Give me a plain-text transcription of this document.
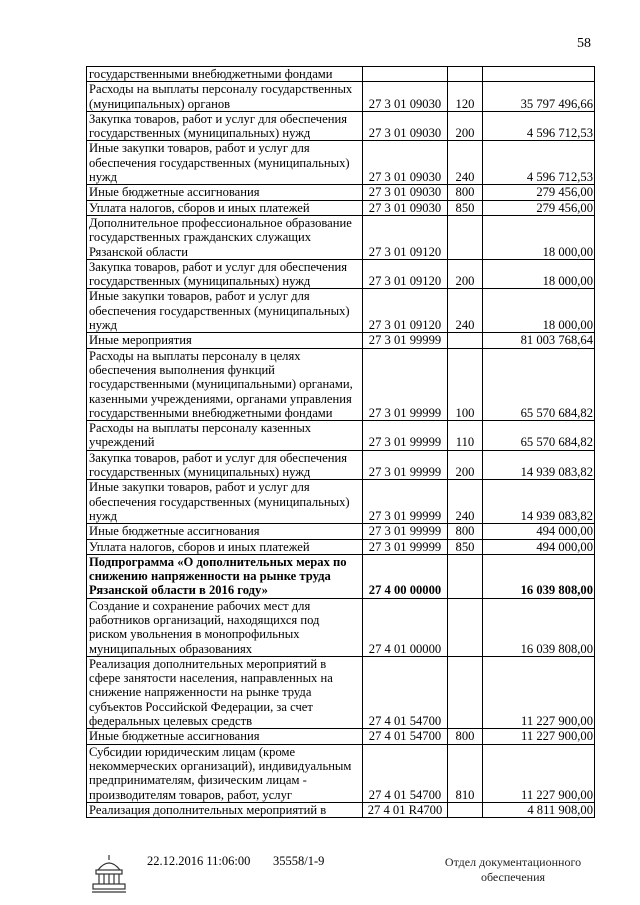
58
государственными внебюджетными фондами			
Расходы на выплаты персоналу государственных
(муниципальных) органов	27 3 01 09030	120	35 797 496,66
Закупка товаров, работ и услуг для обеспечения
государственных (муниципальных) нужд	27 3 01 09030	200	4 596 712,53
Иные закупки товаров, работ и услуг для
обеспечения государственных (муниципальных)
нужд	27 3 01 09030	240	4 596 712,53
Иные бюджетные ассигнования	27 3 01 09030	800	279 456,00
Уплата налогов, сборов и иных платежей	27 3 01 09030	850	279 456,00
Дополнительное профессиональное образование
государственных гражданских служащих
Рязанской области	27 3 01 09120		18 000,00
Закупка товаров, работ и услуг для обеспечения
государственных (муниципальных) нужд	27 3 01 09120	200	18 000,00
Иные закупки товаров, работ и услуг для
обеспечения государственных (муниципальных)
нужд	27 3 01 09120	240	18 000,00
Иные мероприятия	27 3 01 99999		81 003 768,64
Расходы на выплаты персоналу в целях
обеспечения выполнения функций
государственными (муниципальными) органами,
казенными учреждениями, органами управления
государственными внебюджетными фондами	27 3 01 99999	100	65 570 684,82
Расходы на выплаты персоналу казенных
учреждений	27 3 01 99999	110	65 570 684,82
Закупка товаров, работ и услуг для обеспечения
государственных (муниципальных) нужд	27 3 01 99999	200	14 939 083,82
Иные закупки товаров, работ и услуг для
обеспечения государственных (муниципальных)
нужд	27 3 01 99999	240	14 939 083,82
Иные бюджетные ассигнования	27 3 01 99999	800	494 000,00
Уплата налогов, сборов и иных платежей	27 3 01 99999	850	494 000,00
Подпрограмма «О дополнительных мерах по
снижению напряженности на рынке труда
Рязанской области в 2016 году»	27 4 00 00000		16 039 808,00
Создание и сохранение рабочих мест для
работников организаций, находящихся под
риском увольнения в монопрофильных
муниципальных образованиях	27 4 01 00000		16 039 808,00
Реализация дополнительных мероприятий в
сфере занятости населения, направленных на
снижение напряженности на рынке труда
субъектов Российской Федерации, за счет
федеральных целевых средств	27 4 01 54700		11 227 900,00
Иные бюджетные ассигнования	27 4 01 54700	800	11 227 900,00
Субсидии юридическим лицам (кроме
некоммерческих организаций), индивидуальным
предпринимателям, физическим лицам -
производителям товаров, работ, услуг	27 4 01 54700	810	11 227 900,00
Реализация дополнительных мероприятий в	27 4 01 R4700		4 811 908,00
22.12.2016 11:06:00 35558/1-9	Отдел документационного
обеспечения
